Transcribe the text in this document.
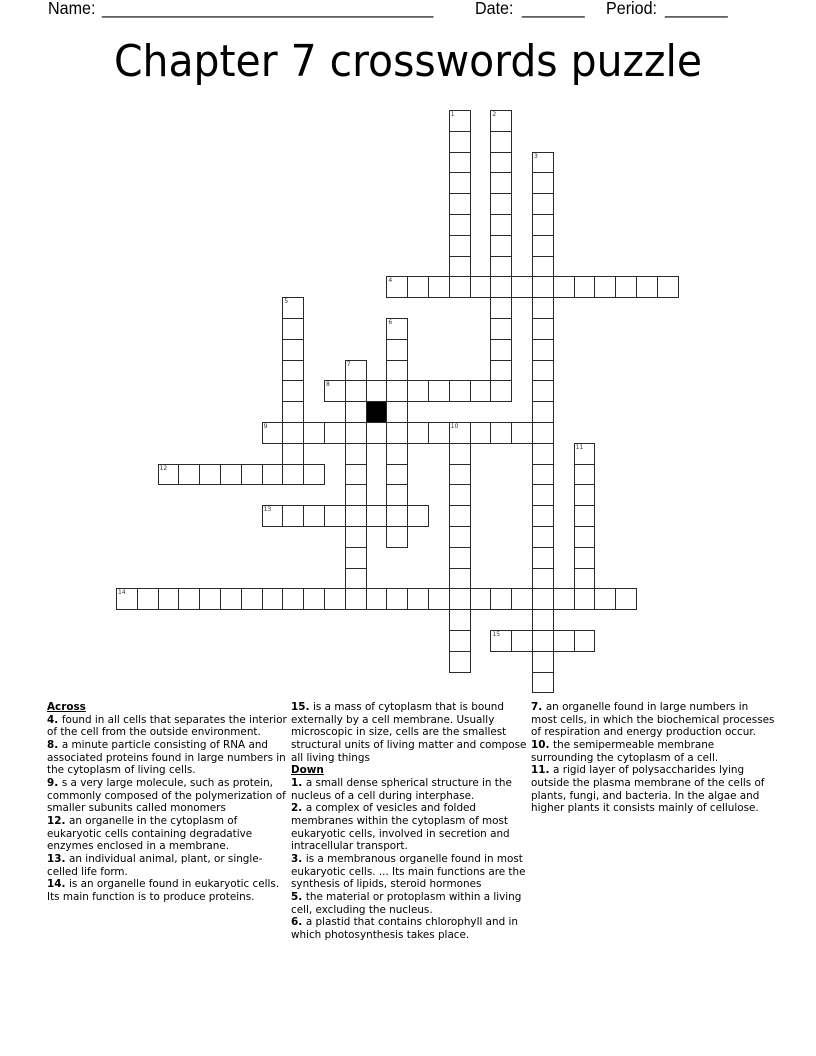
Name: _____________________________________ Date: _______ Period: _______
Chapter 7 crosswords puzzle
1	2
3
4
5
6
7
8
9	10
11
12
13
14
15
Across
4 . found in all cells that separates the interior of the cell from the outside environment.
8 . a minute particle consisting of RNA and associated proteins found in large numbers in the cytoplasm of living cells.
9 . s a very large molecule, such as protein, commonly composed of the polymerization of smaller subunits called monomers
12 . an organelle in the cytoplasm of eukaryotic cells containing degradative enzymes enclosed in a membrane.
13 . an individual animal, plant, or single-celled life form.
14 . is an organelle found in eukaryotic cells. Its main function is to produce proteins.
15 . is a mass of cytoplasm that is bound externally by a cell membrane. Usually microscopic in size, cells are the smallest structural units of living matter and compose all living things
Down
1 . a small dense spherical structure in the nucleus of a cell during interphase.
2 . a complex of vesicles and folded membranes within the cytoplasm of most eukaryotic cells, involved in secretion and intracellular transport.
3 . is a membranous organelle found in most eukaryotic cells. ... Its main functions are the synthesis of lipids, steroid hormones
5 . the material or protoplasm within a living cell, excluding the nucleus.
6 . a plastid that contains chlorophyll and in which photosynthesis takes place.
7 . an organelle found in large numbers in most cells, in which the biochemical processes of respiration and energy production occur.
10 . the semipermeable membrane surrounding the cytoplasm of a cell.
11 . a rigid layer of polysaccharides lying outside the plasma membrane of the cells of plants, fungi, and bacteria. In the algae and higher plants it consists mainly of cellulose.
